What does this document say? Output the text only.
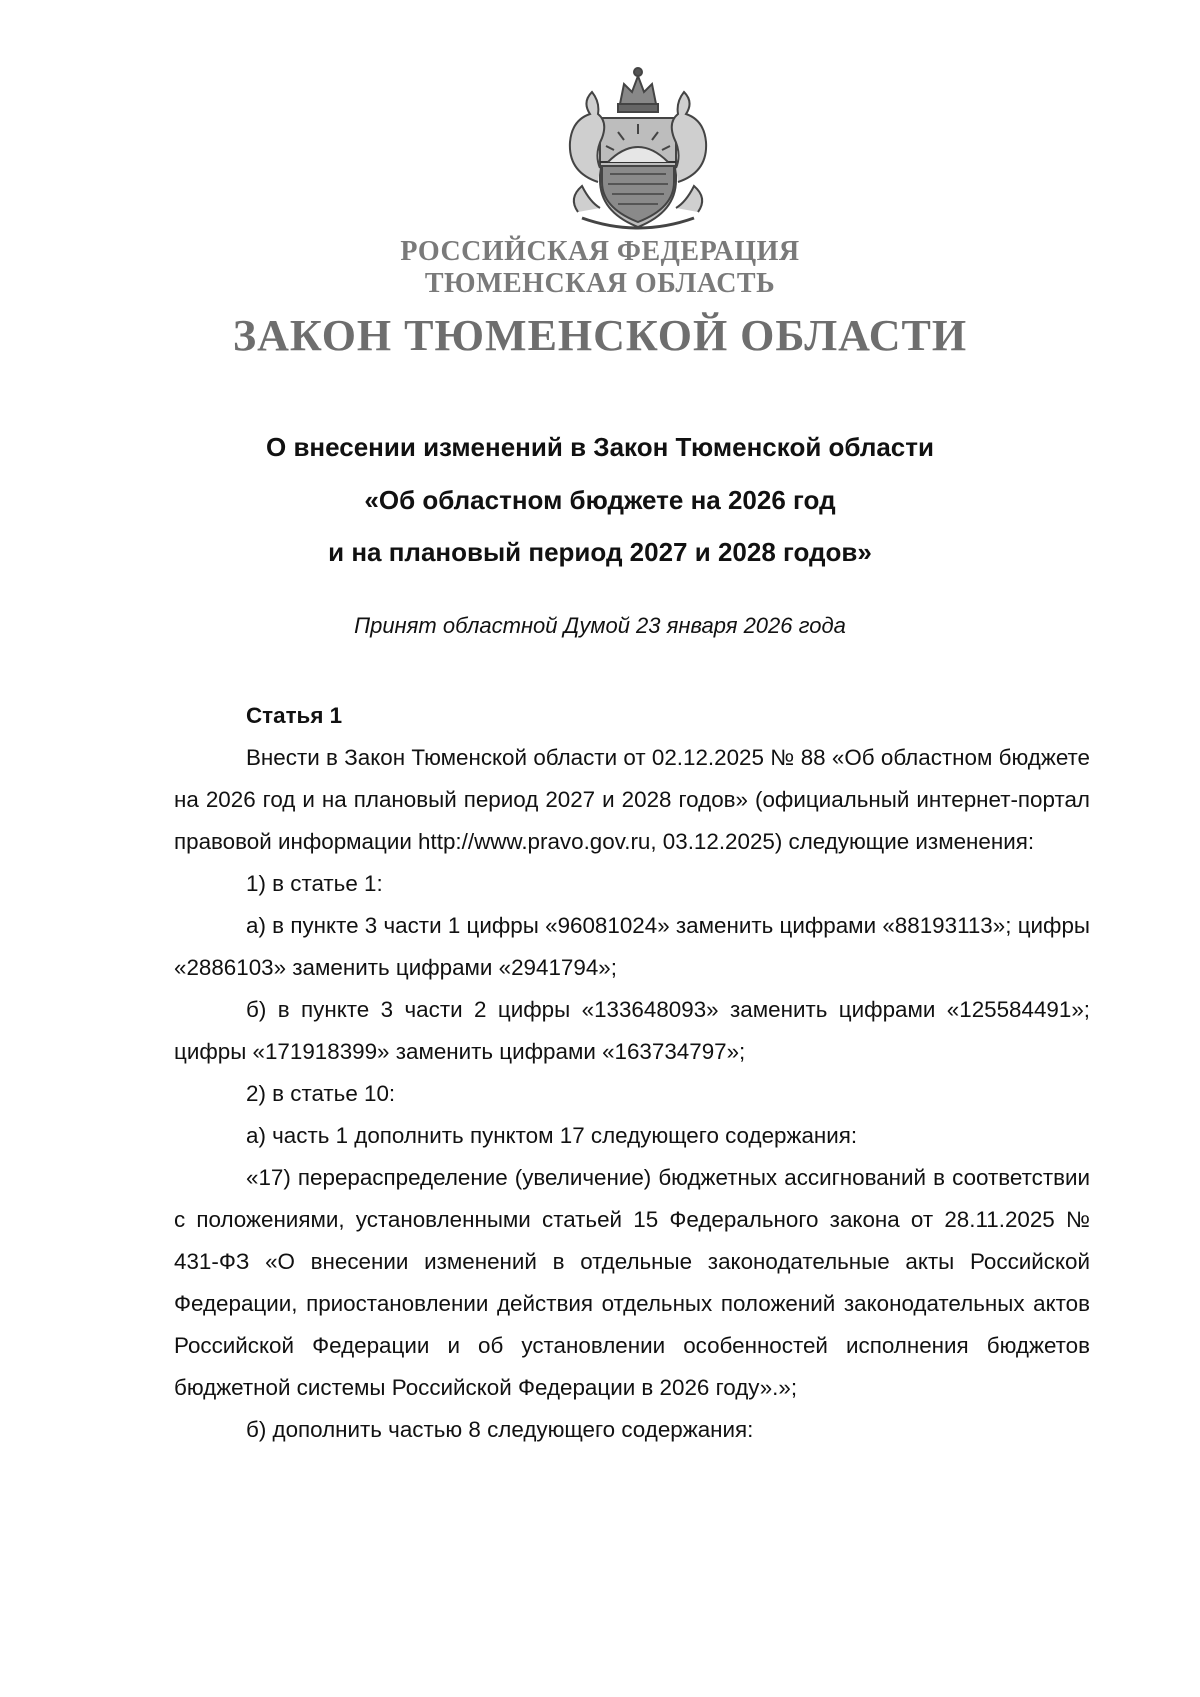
РОССИЙСКАЯ ФЕДЕРАЦИЯ
ТЮМЕНСКАЯ ОБЛАСТЬ
ЗАКОН ТЮМЕНСКОЙ ОБЛАСТИ
О внесении изменений в Закон Тюменской области
«Об областном бюджете на 2026 год
и на плановый период 2027 и 2028 годов»
Принят областной Думой 23 января 2026 года

Статья 1

Внести в Закон Тюменской области от 02.12.2025 № 88 «Об областном бюджете на 2026 год и на плановый период 2027 и 2028 годов» (официальный интернет-портал правовой информации http://www.pravo.gov.ru, 03.12.2025) следующие изменения:

1) в статье 1:

а) в пункте 3 части 1 цифры «96081024» заменить цифрами «88193113»; цифры «2886103» заменить цифрами «2941794»;

б) в пункте 3 части 2 цифры «133648093» заменить цифрами «125584491»; цифры «171918399» заменить цифрами «163734797»;

2) в статье 10:

а) часть 1 дополнить пунктом 17 следующего содержания:

«17) перераспределение (увеличение) бюджетных ассигнований в соответствии с положениями, установленными статьей 15 Федерального закона от 28.11.2025 № 431-ФЗ «О внесении изменений в отдельные законодательные акты Российской Федерации, приостановлении действия отдельных положений законодательных актов Российской Федерации и об установлении особенностей исполнения бюджетов бюджетной системы Российской Федерации в 2026 году».»;

б) дополнить частью 8 следующего содержания:
